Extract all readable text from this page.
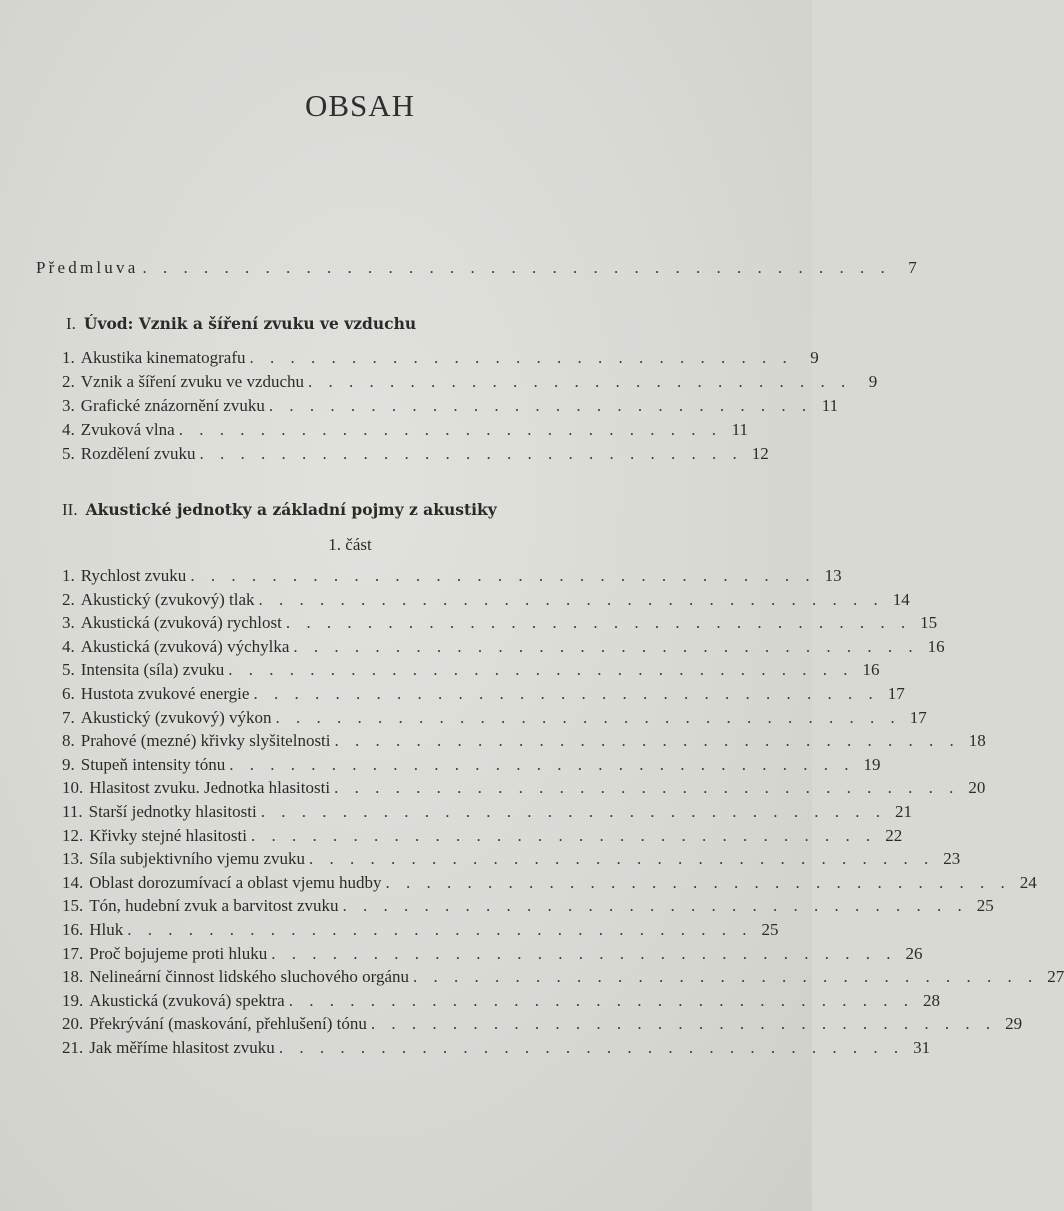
OBSAH
Předmluva . . . . . . . . . . . . . . . . . . . . . . . . . . . . . . . . . . . . .	7
I. Úvod: Vznik a šíření zvuku ve vzduchu
1. Akustika kinematografu . . . . . . . . . . . . . . . . . . . . . . . . . . .	9
2. Vznik a šíření zvuku ve vzduchu . . . . . . . . . . . . . . . . . . . . . . . . . . .	9
3. Grafické znázornění zvuku . . . . . . . . . . . . . . . . . . . . . . . . . . . 11
4. Zvuková vlna . . . . . . . . . . . . . . . . . . . . . . . . . . . 11
5. Rozdělení zvuku . . . . . . . . . . . . . . . . . . . . . . . . . . . 12
II. Akustické jednotky a základní pojmy z akustiky
1. část
1. Rychlost zvuku . . . . . . . . . . . . . . . . . . . . . . . . . . . . . . . 13
2. Akustický (zvukový) tlak . . . . . . . . . . . . . . . . . . . . . . . . . . . . . . . 14
3. Akustická (zvuková) rychlost . . . . . . . . . . . . . . . . . . . . . . . . . . . . . . . 15
4. Akustická (zvuková) výchylka . . . . . . . . . . . . . . . . . . . . . . . . . . . . . . . 16
5. Intensita (síla) zvuku . . . . . . . . . . . . . . . . . . . . . . . . . . . . . . . 16
6. Hustota zvukové energie . . . . . . . . . . . . . . . . . . . . . . . . . . . . . . . 17
7. Akustický (zvukový) výkon . . . . . . . . . . . . . . . . . . . . . . . . . . . . . . . 17
8. Prahové (mezné) křivky slyšitelnosti . . . . . . . . . . . . . . . . . . . . . . . . . . . . . . . 18
9. Stupeň intensity tónu . . . . . . . . . . . . . . . . . . . . . . . . . . . . . . . 19
10. Hlasitost zvuku. Jednotka hlasitosti . . . . . . . . . . . . . . . . . . . . . . . . . . . . . . . 20
11. Starší jednotky hlasitosti . . . . . . . . . . . . . . . . . . . . . . . . . . . . . . . 21
12. Křivky stejné hlasitosti . . . . . . . . . . . . . . . . . . . . . . . . . . . . . . . 22
13. Síla subjektivního vjemu zvuku . . . . . . . . . . . . . . . . . . . . . . . . . . . . . . . 23
14. Oblast dorozumívací a oblast vjemu hudby . . . . . . . . . . . . . . . . . . . . . . . . . . . . . . . 24
15. Tón, hudební zvuk a barvitost zvuku . . . . . . . . . . . . . . . . . . . . . . . . . . . . . . . 25
16. Hluk . . . . . . . . . . . . . . . . . . . . . . . . . . . . . . . 25
17. Proč bojujeme proti hluku . . . . . . . . . . . . . . . . . . . . . . . . . . . . . . . 26
18. Nelineární činnost lidského sluchového orgánu . . . . . . . . . . . . . . . . . . . . . . . . . . . . . . . 27
19. Akustická (zvuková) spektra . . . . . . . . . . . . . . . . . . . . . . . . . . . . . . . 28
20. Překrývání (maskování, přehlušení) tónu . . . . . . . . . . . . . . . . . . . . . . . . . . . . . . . 29
21. Jak měříme hlasitost zvuku . . . . . . . . . . . . . . . . . . . . . . . . . . . . . . . 31
